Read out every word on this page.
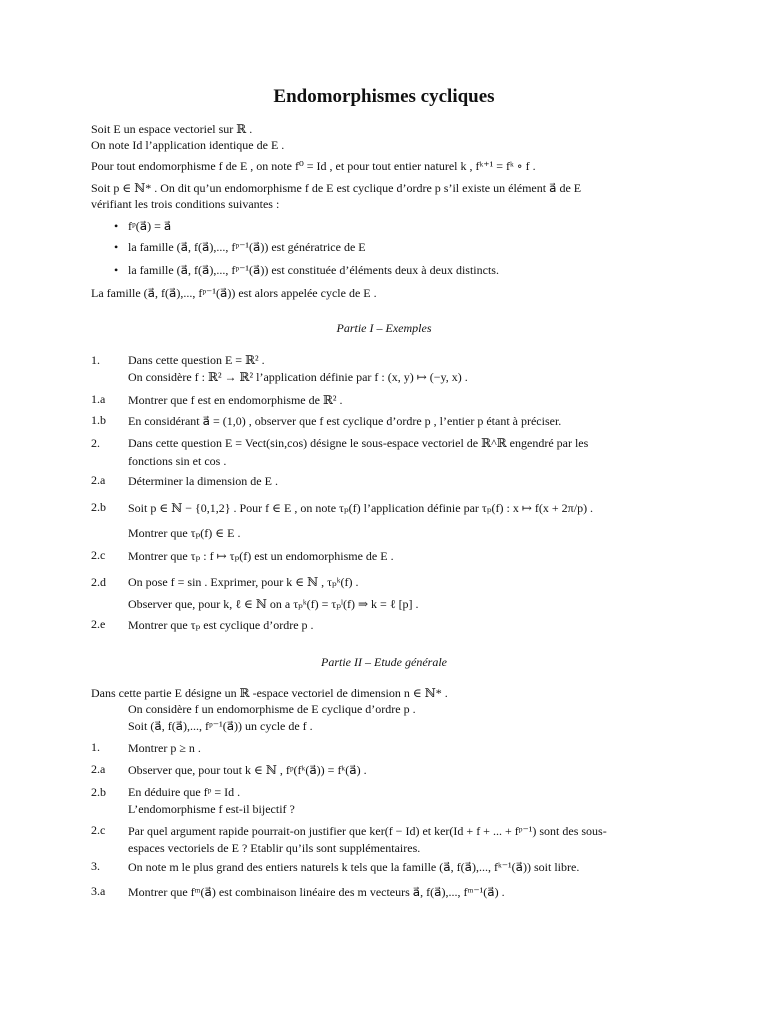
Endomorphismes cycliques
Soit E un espace vectoriel sur ℝ .
On note Id l’application identique de E .
Pour tout endomorphisme f de E , on note f⁰ = Id , et pour tout entier naturel k , fᵏ⁺¹ = fᵏ ∘ f .
Soit p ∈ ℕ* . On dit qu’un endomorphisme f de E est cyclique d’ordre p s’il existe un élément a⃗ de E
vérifiant les trois conditions suivantes :
• fᵖ(a⃗) = a⃗
• la famille (a⃗, f(a⃗),..., fᵖ⁻¹(a⃗)) est génératrice de E
• la famille (a⃗, f(a⃗),..., fᵖ⁻¹(a⃗)) est constituée d’éléments deux à deux distincts.
La famille (a⃗, f(a⃗),..., fᵖ⁻¹(a⃗)) est alors appelée cycle de E .
Partie I – Exemples
1. Dans cette question E = ℝ² .
On considère f : ℝ² → ℝ² l’application définie par f : (x, y) ↦ (−y, x) .
1.a Montrer que f est en endomorphisme de ℝ² .
1.b En considérant a⃗ = (1,0) , observer que f est cyclique d’ordre p , l’entier p étant à préciser.
2. Dans cette question E = Vect(sin,cos) désigne le sous-espace vectoriel de ℝ^ℝ engendré par les
fonctions sin et cos .
2.a Déterminer la dimension de E .
2.b Soit p ∈ ℕ − {0,1,2} . Pour f ∈ E , on note τₚ(f) l’application définie par τₚ(f) : x ↦ f(x + 2π/p) .
Montrer que τₚ(f) ∈ E .
2.c Montrer que τₚ : f ↦ τₚ(f) est un endomorphisme de E .
2.d On pose f = sin . Exprimer, pour k ∈ ℕ , τₚᵏ(f) .
Observer que, pour k, ℓ ∈ ℕ on a τₚᵏ(f) = τₚˡ(f) ⇒ k = ℓ [p] .
2.e Montrer que τₚ est cyclique d’ordre p .
Partie II – Etude générale
Dans cette partie E désigne un ℝ -espace vectoriel de dimension n ∈ ℕ* .
On considère f un endomorphisme de E cyclique d’ordre p .
Soit (a⃗, f(a⃗),..., fᵖ⁻¹(a⃗)) un cycle de f .
1. Montrer p ≥ n .
2.a Observer que, pour tout k ∈ ℕ , fᵖ(fᵏ(a⃗)) = fᵏ(a⃗) .
2.b En déduire que fᵖ = Id .
L’endomorphisme f est-il bijectif ?
2.c Par quel argument rapide pourrait-on justifier que ker(f − Id) et ker(Id + f + ... + fᵖ⁻¹) sont des sous-
espaces vectoriels de E ? Etablir qu’ils sont supplémentaires.
3. On note m le plus grand des entiers naturels k tels que la famille (a⃗, f(a⃗),..., fᵏ⁻¹(a⃗)) soit libre.
3.a Montrer que fᵐ(a⃗) est combinaison linéaire des m vecteurs a⃗, f(a⃗),..., fᵐ⁻¹(a⃗) .
